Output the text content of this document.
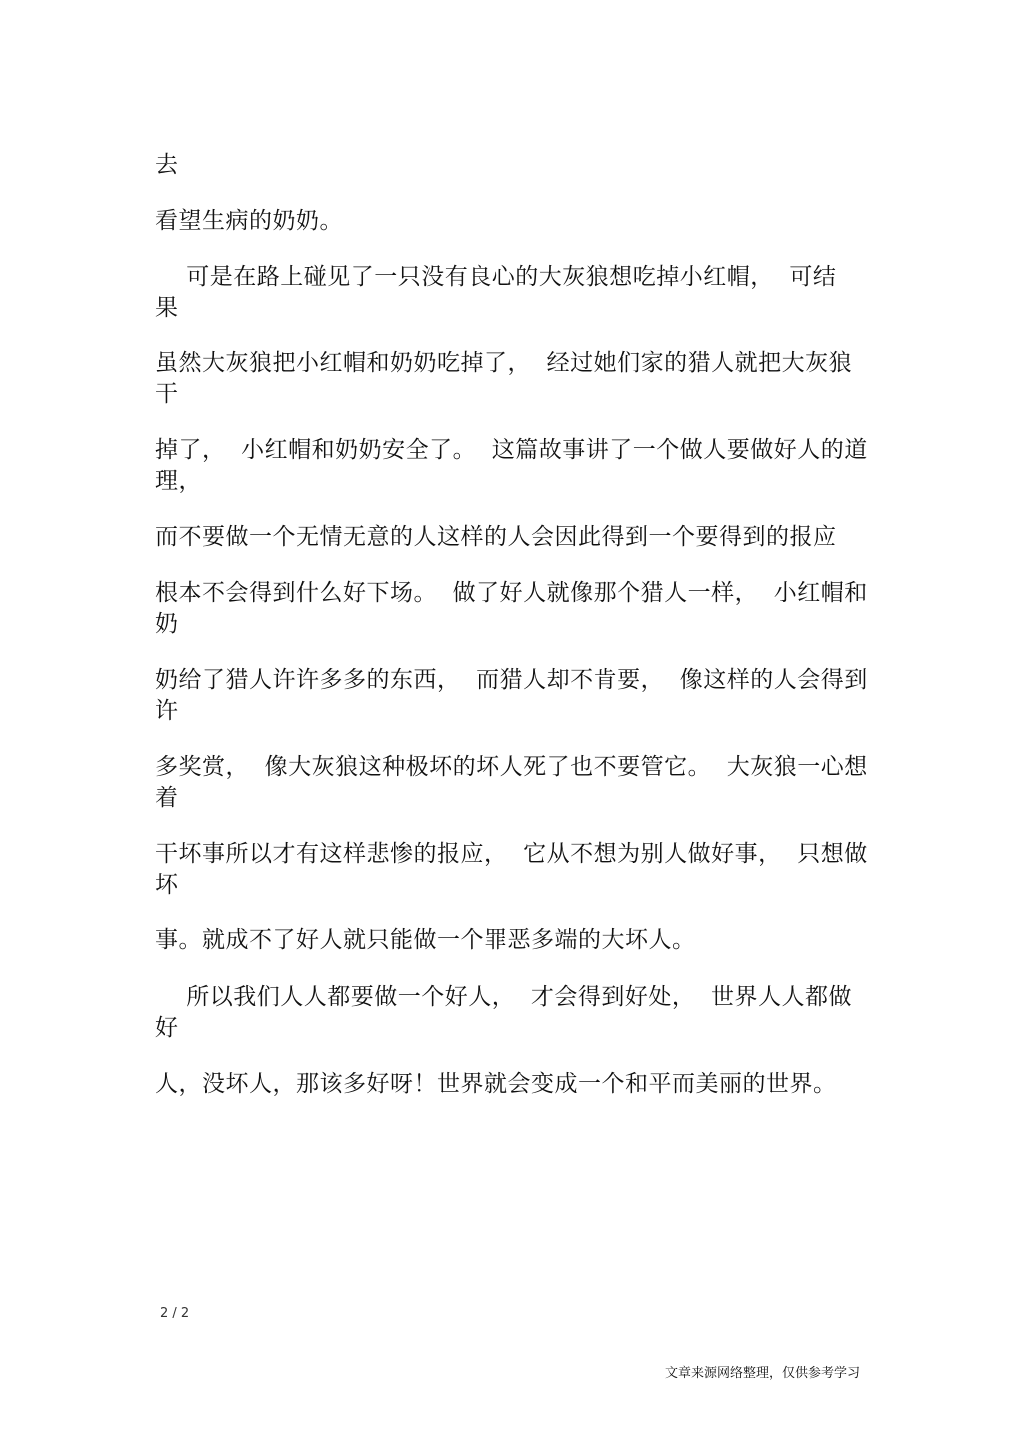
去
看望生病的奶奶。
可是在路上碰见了一只没有良心的大灰狼想吃掉小红帽，  可结
果
虽然大灰狼把小红帽和奶奶吃掉了，  经过她们家的猎人就把大灰狼
干
掉了，  小红帽和奶奶安全了。  这篇故事讲了一个做人要做好人的道
理，
而不要做一个无情无意的人这样的人会因此得到一个要得到的报应
根本不会得到什么好下场。  做了好人就像那个猎人一样，  小红帽和
奶
奶给了猎人许许多多的东西，  而猎人却不肯要，  像这样的人会得到
许
多奖赏，  像大灰狼这种极坏的坏人死了也不要管它。  大灰狼一心想
着
干坏事所以才有这样悲惨的报应，  它从不想为别人做好事，  只想做
坏
事。就成不了好人就只能做一个罪恶多端的大坏人。
所以我们人人都要做一个好人，  才会得到好处，  世界人人都做
好
人，没坏人，那该多好呀！世界就会变成一个和平而美丽的世界。
2 / 2
文章来源网络整理，仅供参考学习
